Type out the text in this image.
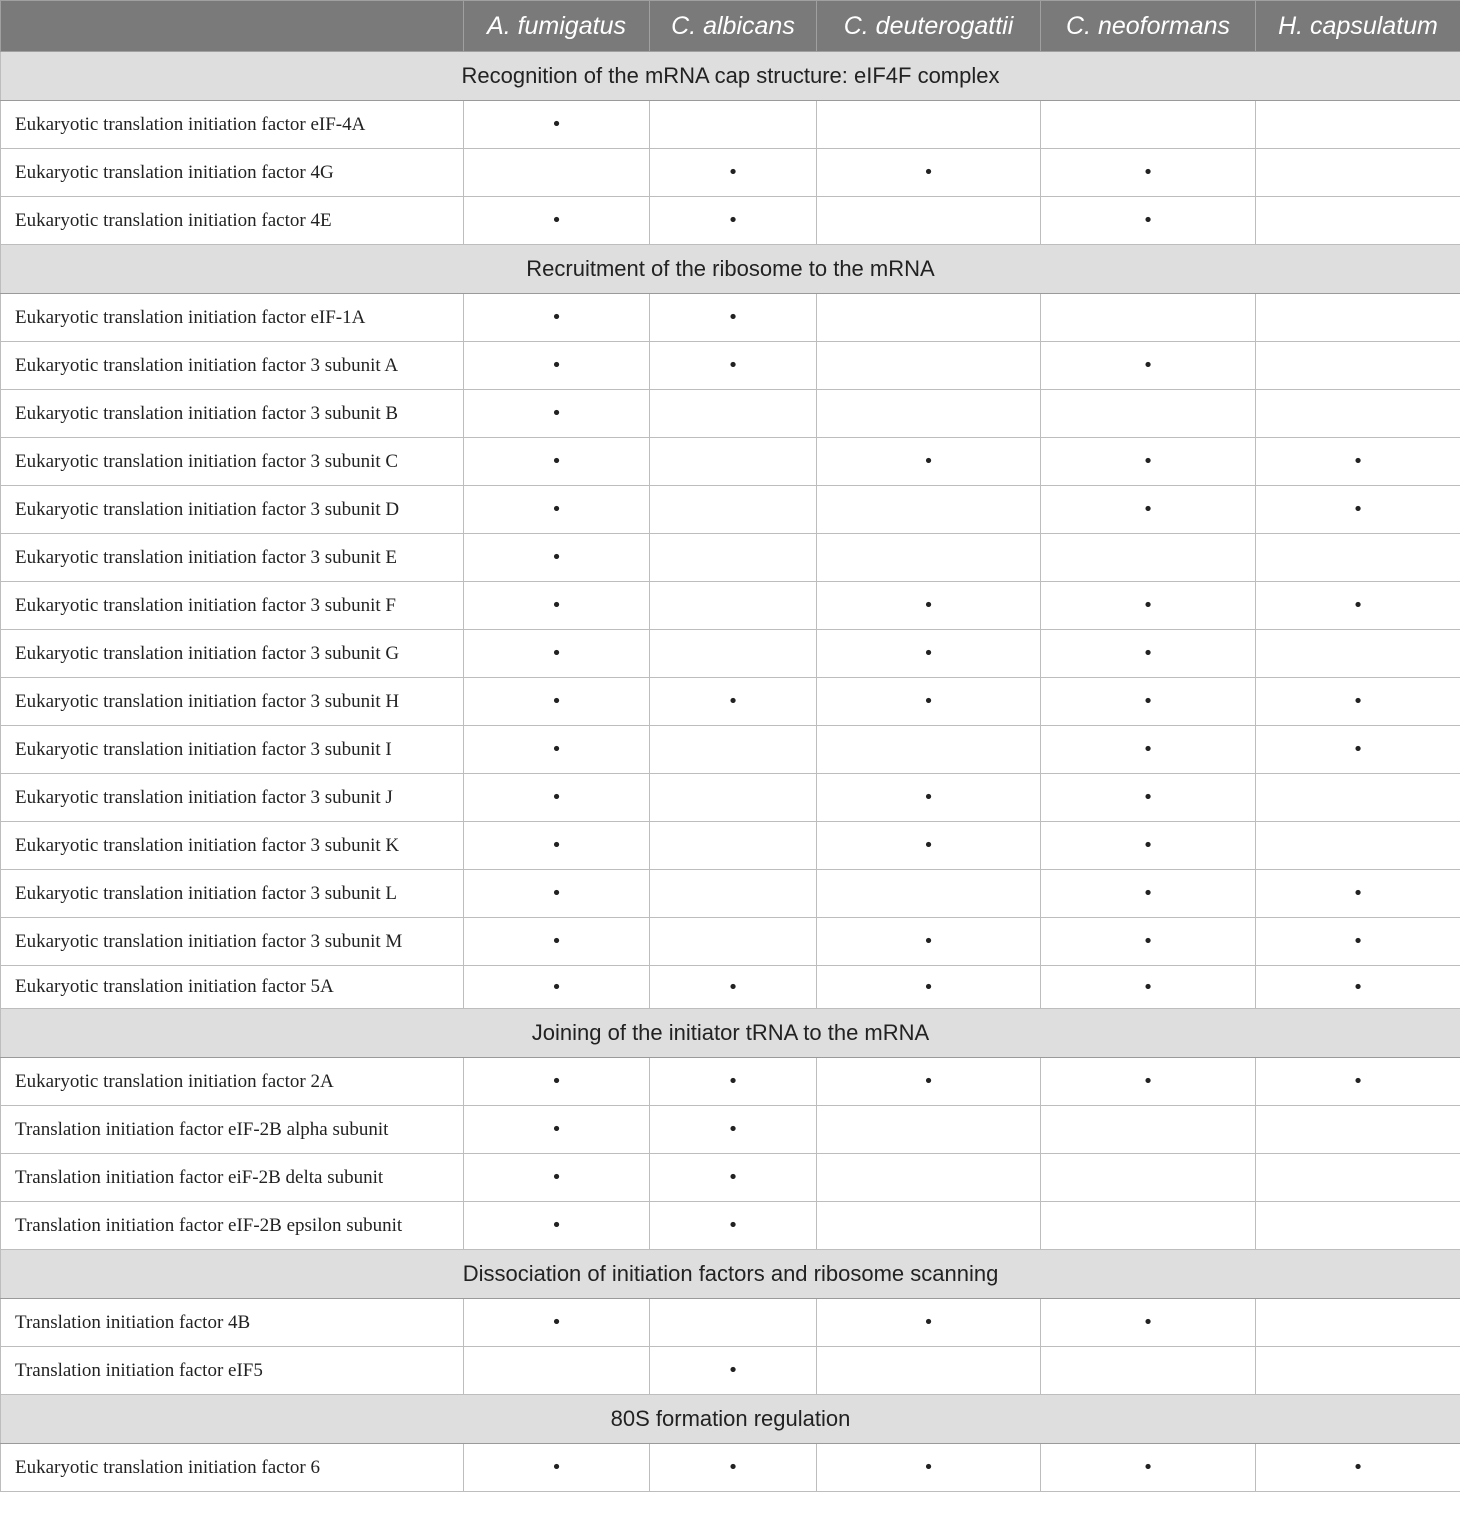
	A. fumigatus	C. albicans	C. deuterogattii	C. neoformans	H. capsulatum
Recognition of the mRNA cap structure: eIF4F complex					
Eukaryotic translation initiation factor eIF-4A	•				
Eukaryotic translation initiation factor 4G		•	•	•	
Eukaryotic translation initiation factor 4E	•	•		•	
Recruitment of the ribosome to the mRNA					
Eukaryotic translation initiation factor eIF-1A	•	•			
Eukaryotic translation initiation factor 3 subunit A	•	•		•	
Eukaryotic translation initiation factor 3 subunit B	•				
Eukaryotic translation initiation factor 3 subunit C	•		•	•	•
Eukaryotic translation initiation factor 3 subunit D	•			•	•
Eukaryotic translation initiation factor 3 subunit E	•				
Eukaryotic translation initiation factor 3 subunit F	•		•	•	•
Eukaryotic translation initiation factor 3 subunit G	•		•	•	
Eukaryotic translation initiation factor 3 subunit H	•	•	•	•	•
Eukaryotic translation initiation factor 3 subunit I	•			•	•
Eukaryotic translation initiation factor 3 subunit J	•		•	•	
Eukaryotic translation initiation factor 3 subunit K	•		•	•	
Eukaryotic translation initiation factor 3 subunit L	•			•	•
Eukaryotic translation initiation factor 3 subunit M	•		•	•	•
Eukaryotic translation initiation factor 5A	•	•	•	•	•
Joining of the initiator tRNA to the mRNA					
Eukaryotic translation initiation factor 2A	•	•	•	•	•
Translation initiation factor eIF-2B alpha subunit	•	•			
Translation initiation factor eiF-2B delta subunit	•	•			
Translation initiation factor eIF-2B epsilon subunit	•	•			
Dissociation of initiation factors and ribosome scanning					
Translation initiation factor 4B	•		•	•	
Translation initiation factor eIF5		•			
80S formation regulation					
Eukaryotic translation initiation factor 6	•	•	•	•	•
